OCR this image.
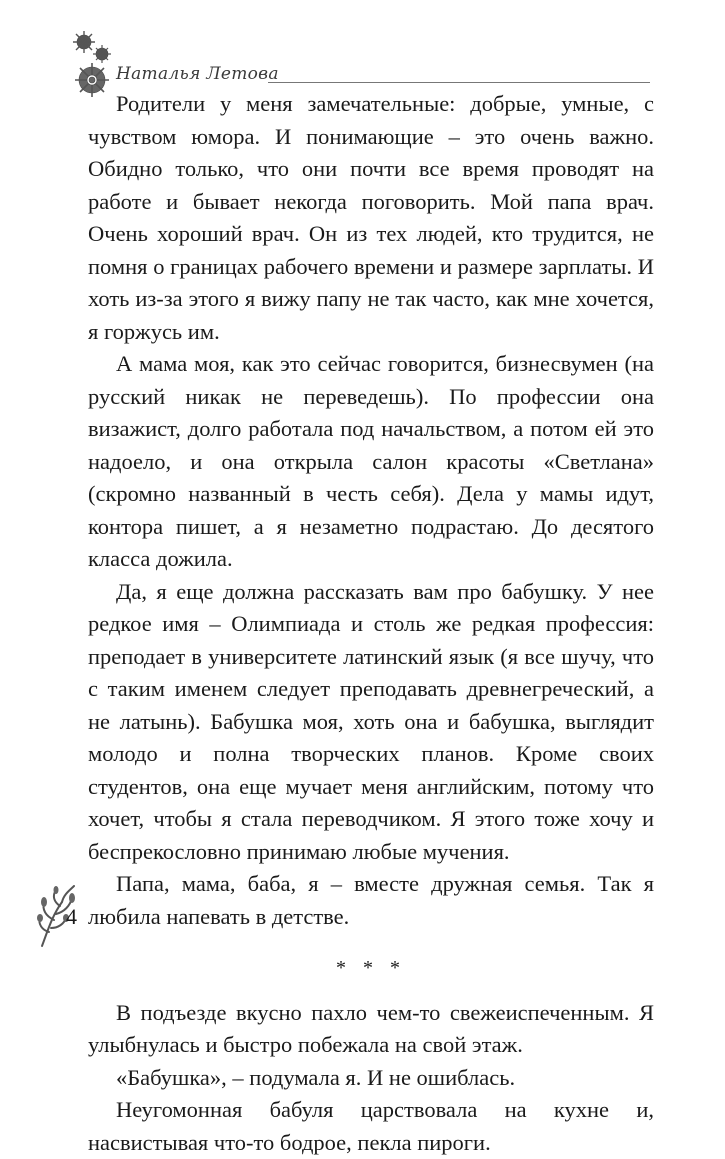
Наталья Летова

Родители у меня замечательные: добрые, умные, с чувством юмора. И понимающие – это очень важно. Обидно только, что они почти все время проводят на работе и бывает некогда поговорить. Мой папа врач. Очень хороший врач. Он из тех людей, кто трудится, не помня о границах рабочего времени и размере зарплаты. И хоть из-за этого я вижу папу не так часто, как мне хочется, я горжусь им.

А мама моя, как это сейчас говорится, бизнесвумен (на русский никак не переведешь). По профессии она визажист, долго работала под начальством, а потом ей это надоело, и она открыла салон красоты «Светлана» (скромно названный в честь себя). Дела у мамы идут, контора пишет, а я незаметно подрастаю. До десятого класса дожила.

Да, я еще должна рассказать вам про бабушку. У нее редкое имя – Олимпиада и столь же редкая профессия: преподает в университете латинский язык (я все шучу, что с таким именем следует преподавать древнегреческий, а не латынь). Бабушка моя, хоть она и бабушка, выглядит молодо и полна творческих планов. Кроме своих студентов, она еще мучает меня английским, потому что хочет, чтобы я стала переводчиком. Я этого тоже хочу и беспрекословно принимаю любые мучения.

Папа, мама, баба, я – вместе дружная семья. Так я любила напевать в детстве.

* * *

В подъезде вкусно пахло чем-то свежеиспеченным. Я улыбнулась и быстро побежала на свой этаж.

«Бабушка», – подумала я. И не ошиблась.

Неугомонная бабуля царствовала на кухне и, насвистывая что-то бодрое, пекла пироги.

4
